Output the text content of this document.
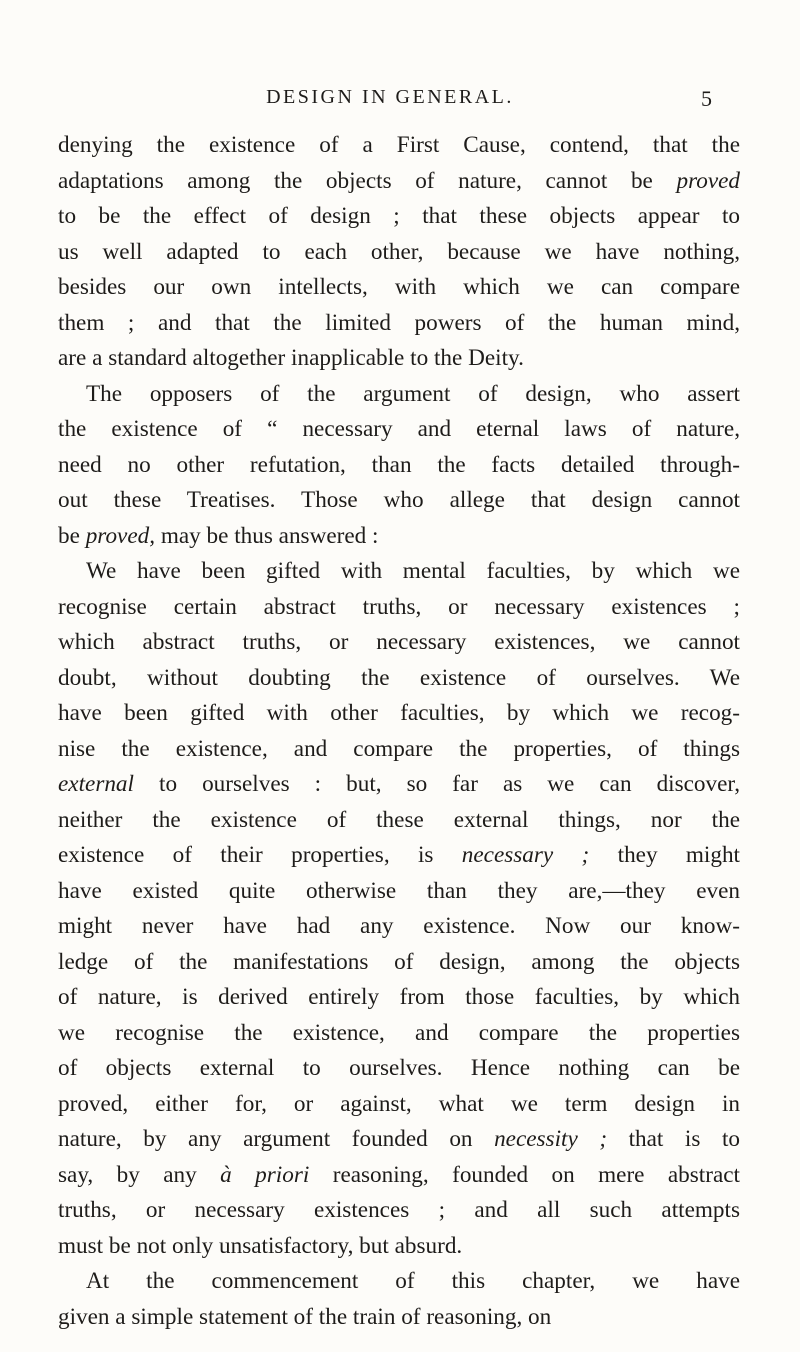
DESIGN IN GENERAL.	5
denying the existence of a First Cause, contend, that the
adaptations among the objects of nature, cannot be proved
to be the effect of design ; that these objects appear to
us well adapted to each other, because we have nothing,
besides our own intellects, with which we can compare
them ; and that the limited powers of the human mind,
are a standard altogether inapplicable to the Deity.
The opposers of the argument of design, who assert
the existence of “ necessary and eternal laws of nature,
need no other refutation, than the facts detailed through-
out these Treatises. Those who allege that design cannot
be proved, may be thus answered :
We have been gifted with mental faculties, by which we
recognise certain abstract truths, or necessary existences ;
which abstract truths, or necessary existences, we cannot
doubt, without doubting the existence of ourselves. We
have been gifted with other faculties, by which we recog-
nise the existence, and compare the properties, of things
external to ourselves : but, so far as we can discover,
neither the existence of these external things, nor the
existence of their properties, is necessary ; they might
have existed quite otherwise than they are,—they even
might never have had any existence. Now our know-
ledge of the manifestations of design, among the objects
of nature, is derived entirely from those faculties, by which
we recognise the existence, and compare the properties
of objects external to ourselves. Hence nothing can be
proved, either for, or against, what we term design in
nature, by any argument founded on necessity ; that is to
say, by any à priori reasoning, founded on mere abstract
truths, or necessary existences ; and all such attempts
must be not only unsatisfactory, but absurd.
At the commencement of this chapter, we have
given a simple statement of the train of reasoning, on
